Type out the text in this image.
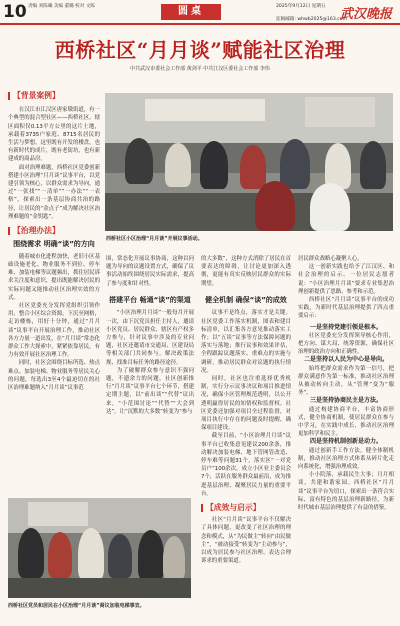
10 责编 刘陈曦 美编 董璐 校对 文陈	圆桌	2025年9月12日 星期五
征稿邮箱: whwb2025@163.com
武汉晚报
西桥社区“月月谈”赋能社区治理
中共武汉市委社会工作部 黄剑平 中共江汉区委社会工作部 李伟
【背景案例】

在汉江市江汉区唐家墩街道，有一个典型的混合型社区——西桥社区。辖区面积仅0.13平方公里的这片土地，承载着3735户家庭、8715名居民的生活与梦想。这里既有开发的楼盘，也有新时代的成片，既有老街坊，也有新建成的商品房。

面对治理难题，西桥社区党委创新搭建小区治理“月月谈”议事平台，以党建引领为核心，以群众需求为导向，通过“一张找”“一清单”“一办法”“一表格”，探索出一条基层协商共治的路径，让居民的“金点子”成为解决社区治理难题的“金钥匙”。

【治理办法】
围绕需求 明确“谈”的方向

随着城市化进程加快，老旧小区基础设施老化、物业服务不到位、停车难、加装电梯等议题频出，抓住居民诉求关注度和意识，提出既能解决居民的实际问题又能推动社区治理实效的方式。

社区党委充分发挥党组织引领作用，整合小区综合资源，下沉至网格，走访楼栋，用好十分钟，通过“月月谈”议事平台开展治理工作，推动社区各方力量一道出发，在“月月谈”常态化群众工作大探索中，紧紧依靠居民，有力有效开展社区治理工作。

同时，社区会围绕目标所选、热点难点、加装电梯、物业服务等居民关心的问题，每选出3至4个最迫切在的社区治理难题纳入“月月谈”议事范

西桥社区小区治理“月月谈”开展议事活动。

围，常态化开展议事协商，这种以问题为导向的议题设置方式，确保了议事活动始终围绕居民实际需求，提高了参与度和针对性。

搭建平台 畅通“谈”的渠道

“小区治理月月谈”一般每月开展一次，由下沉党员担任主持人，邀请小区党员、居民群众、辖区有产权多方参与，针对议事中涉及的专业问题，社区还邀请市交通局、区建设局等相关部门共同参与，解决政策法规、找准目标任务的路径途径。

为了破解群众参与意识不强问题，不遗余力的问题，社区创新推行“月月谈”议事平台七个环节，搭建定期主题，以“前出谈”“代替”议出来，“小范围讨论”“代替”“大会到达”，让“沉默的大多数”转变为“参与

的大多数”，这种方式消除了居民在首要表达的障碍，让讨论更加深入透彻，更能有真实反映居民群众的实际期望。

健全机制 确保“谈”的成效

议事不是终点，落实才是关键。社区党委工作落实机制，图表和建目标清单，以汇集各方意见推动落实工作；以“五谈”议事等方法保障问题的落实与落地；推行议事和效果评估，全程跟踪议题落实、重难点的实施与调研，推动居民群众对议题的执行情况。

同时，社区也注重选择优秀机制，实行分示议事决议和项目推进情况，确保小区管理规范透明，以公开透明赢得居民的知情权和监督权。社区党委还加强对项目全过程监督，对项目执行中存在的问题及时提醒，确保项目建设。

截至目前，“小区治理月月谈”议事平台已收集意见建议200余条，推动解决加装电梯、地下管网管改造、停车难等问题31个，落实区“一对党员户”100余次，成立小区业主委员会7个，活跃在服务群众最前沿，成为推进基层治理、凝聚居民力量的重要平台。

【成效与启示】

社区“月月谈”议事平台不仅解决了具体问题，更改变了社区治理的理念和模式，从“为民做主”转向“由民做主”，“被动接受”转变为“主动参与”，以成为居民参与社区治理、表达合理诉求的重要渠道。

居民群众战略心凝聚人心。

这一创新实践也给予了江汉区、和社会治理的启示。一位居民志愿者说：“小区治理月月谈”要求专业集思治理创新提供了思路、参考和示范。

西桥社区“月月谈”议事平台的成功实践，为新时代基层治理提供了四点重要启示：

一是坚持党建引领是根本。

社区党委充分发挥领导核心作用，把方向、谋大局、统筹资源，确保社区治理的政治方向和正确性。

二是坚持以人民为中心是导向。

始终把群众需求作为第一信号，把群众满意作为第一标准，推动社区治理从被动转向主动，从“管理”变为“服务”。

三是坚持协商民主是方法。

通过构建协商平台，丰富协商形式，健全协商机制，使居民群众在参与中学习，在实践中成长，推动社区治理更加科学和民主。

四是坚持机制创新是动力。

通过创新手工作方法，健全体制机制，推动社区治理方式体系从碎片化走向系统化，增强治理成效。

小小院落，承载民生大事；月月相谈，共建和谐家园。西桥社区“月月谈”议事平台为切口，探索出一条符合实际、富有特色的基层治理新路径，为新时代城市基层治理提供了有益的借鉴。

西桥社区党员和居民在小区治理“月月谈”商议加装电梯事宜。
